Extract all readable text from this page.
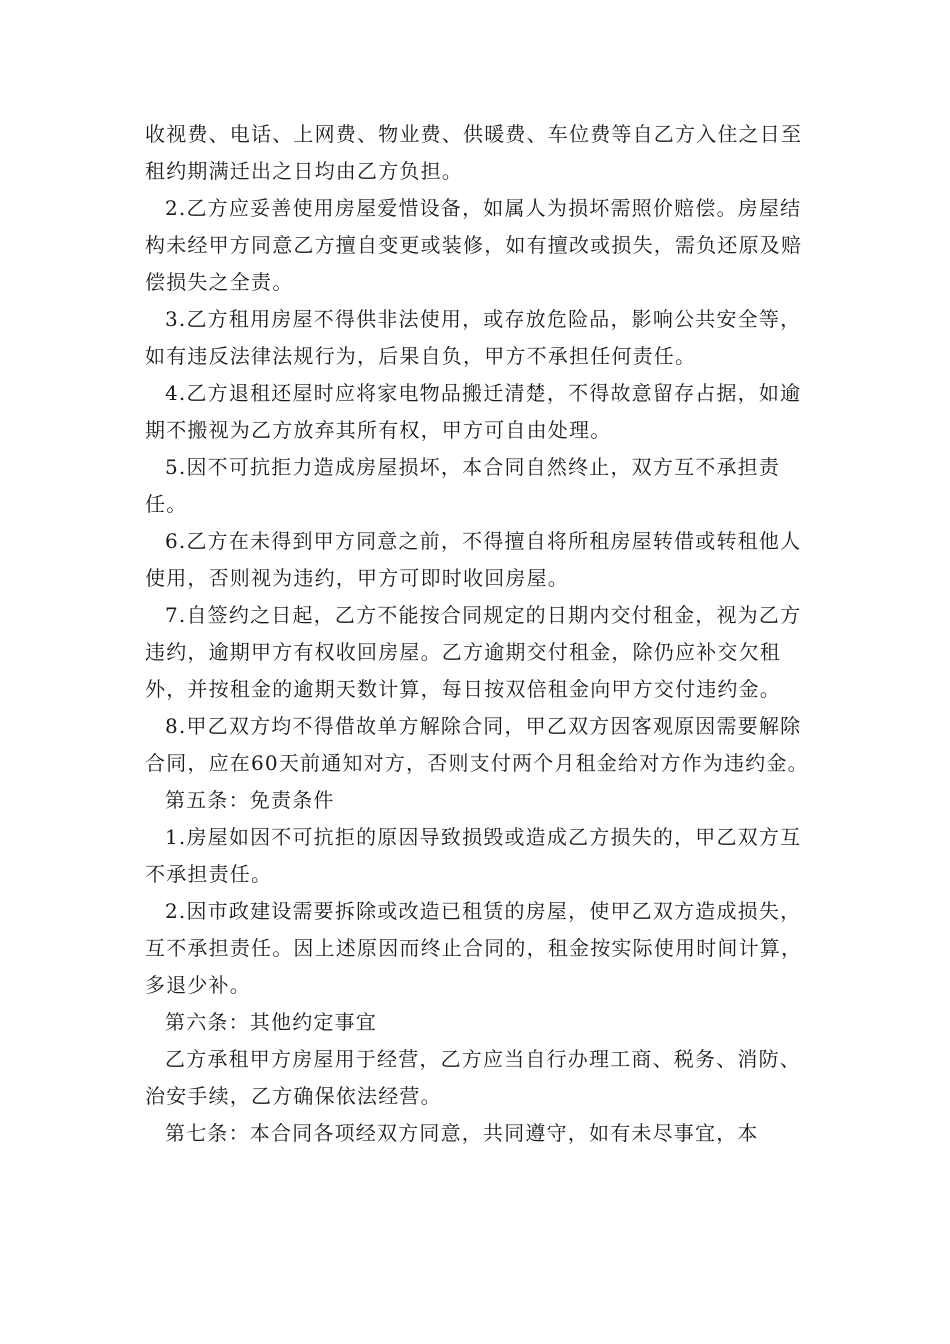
收视费、电话、上网费、物业费、供暖费、车位费等自乙方入住之日至租约期满迁出之日均由乙方负担。

2.乙方应妥善使用房屋爱惜设备，如属人为损坏需照价赔偿。房屋结构未经甲方同意乙方擅自变更或装修，如有擅改或损失，需负还原及赔偿损失之全责。

3.乙方租用房屋不得供非法使用，或存放危险品，影响公共安全等，如有违反法律法规行为，后果自负，甲方不承担任何责任。

4.乙方退租还屋时应将家电物品搬迁清楚，不得故意留存占据，如逾期不搬视为乙方放弃其所有权，甲方可自由处理。

5.因不可抗拒力造成房屋损坏，本合同自然终止，双方互不承担责任。

6.乙方在未得到甲方同意之前，不得擅自将所租房屋转借或转租他人使用，否则视为违约，甲方可即时收回房屋。

7.自签约之日起，乙方不能按合同规定的日期内交付租金，视为乙方违约，逾期甲方有权收回房屋。乙方逾期交付租金，除仍应补交欠租外，并按租金的逾期天数计算，每日按双倍租金向甲方交付违约金。

8.甲乙双方均不得借故单方解除合同，甲乙双方因客观原因需要解除合同，应在60天前通知对方，否则支付两个月租金给对方作为违约金。

第五条：免责条件

1.房屋如因不可抗拒的原因导致损毁或造成乙方损失的，甲乙双方互不承担责任。

2.因市政建设需要拆除或改造已租赁的房屋，使甲乙双方造成损失，互不承担责任。因上述原因而终止合同的，租金按实际使用时间计算，多退少补。

第六条：其他约定事宜

乙方承租甲方房屋用于经营，乙方应当自行办理工商、税务、消防、治安手续，乙方确保依法经营。

第七条：本合同各项经双方同意，共同遵守，如有未尽事宜，本
